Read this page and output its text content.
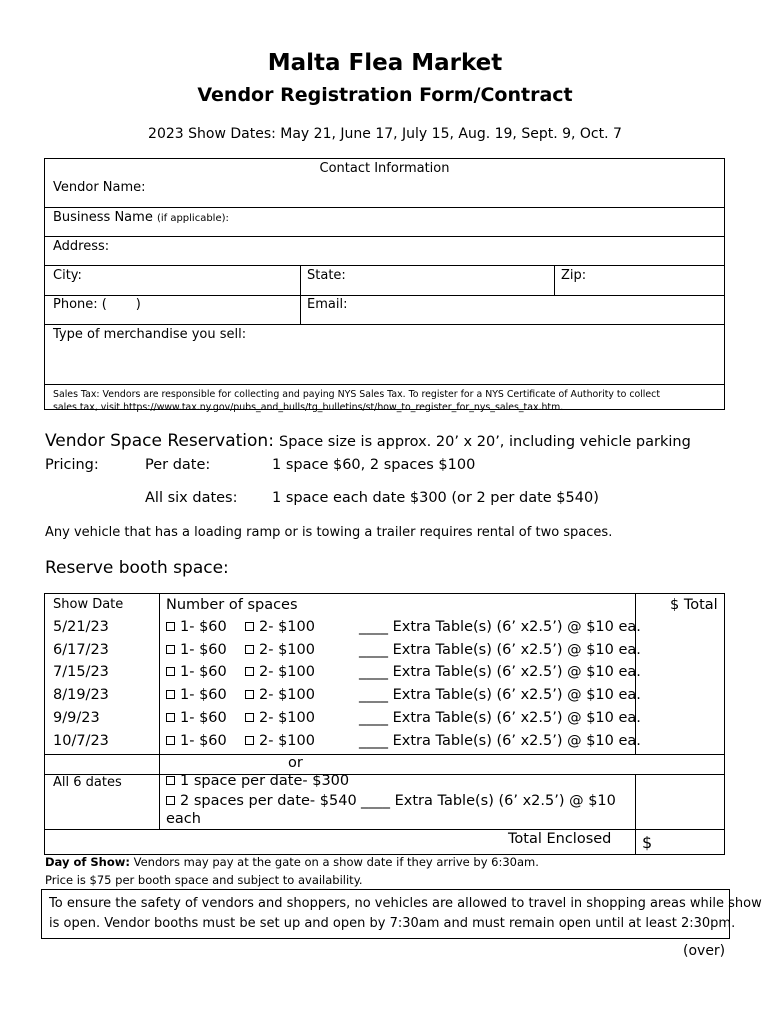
Malta Flea Market
Vendor Registration Form/Contract
2023 Show Dates: May 21, June 17, July 15, Aug. 19, Sept. 9, Oct. 7
Contact Information
Vendor Name:
Business Name (if applicable):
Address:
City:	State:	Zip:
Phone: (       )	Email:
Type of merchandise you sell:
Sales Tax: Vendors are responsible for collecting and paying NYS Sales Tax. To register for a NYS Certificate of Authority to collect
sales tax, visit https://www.tax.ny.gov/pubs_and_bulls/tg_bulletins/st/how_to_register_for_nys_sales_tax.htm.
Vendor Space Reservation: Space size is approx. 20’ x 20’, including vehicle parking
Pricing:	Per date:	1 space $60, 2 spaces $100
All six dates: 1 space each date $300 (or 2 per date $540)
Any vehicle that has a loading ramp or is towing a trailer requires rental of two spaces.
Reserve booth space:
Show Date	Number of spaces	$ Total
5/21/23	1- $60	2- $100	____ Extra Table(s) (6’ x2.5’) @ $10 ea.
6/17/23	1- $60	2- $100	____ Extra Table(s) (6’ x2.5’) @ $10 ea.
7/15/23	1- $60	2- $100	____ Extra Table(s) (6’ x2.5’) @ $10 ea.
8/19/23	1- $60	2- $100	____ Extra Table(s) (6’ x2.5’) @ $10 ea.
9/9/23	1- $60	2- $100	____ Extra Table(s) (6’ x2.5’) @ $10 ea.
10/7/23	1- $60	2- $100	____ Extra Table(s) (6’ x2.5’) @ $10 ea.
or
All 6 dates	1 space per date- $300
2 spaces per date- $540 ____ Extra Table(s) (6’ x2.5’) @ $10
each
Total Enclosed $
Day of Show: Vendors may pay at the gate on a show date if they arrive by 6:30am.
Price is $75 per booth space and subject to availability.
To ensure the safety of vendors and shoppers, no vehicles are allowed to travel in shopping areas while show
is open. Vendor booths must be set up and open by 7:30am and must remain open until at least 2:30pm.
(over)
